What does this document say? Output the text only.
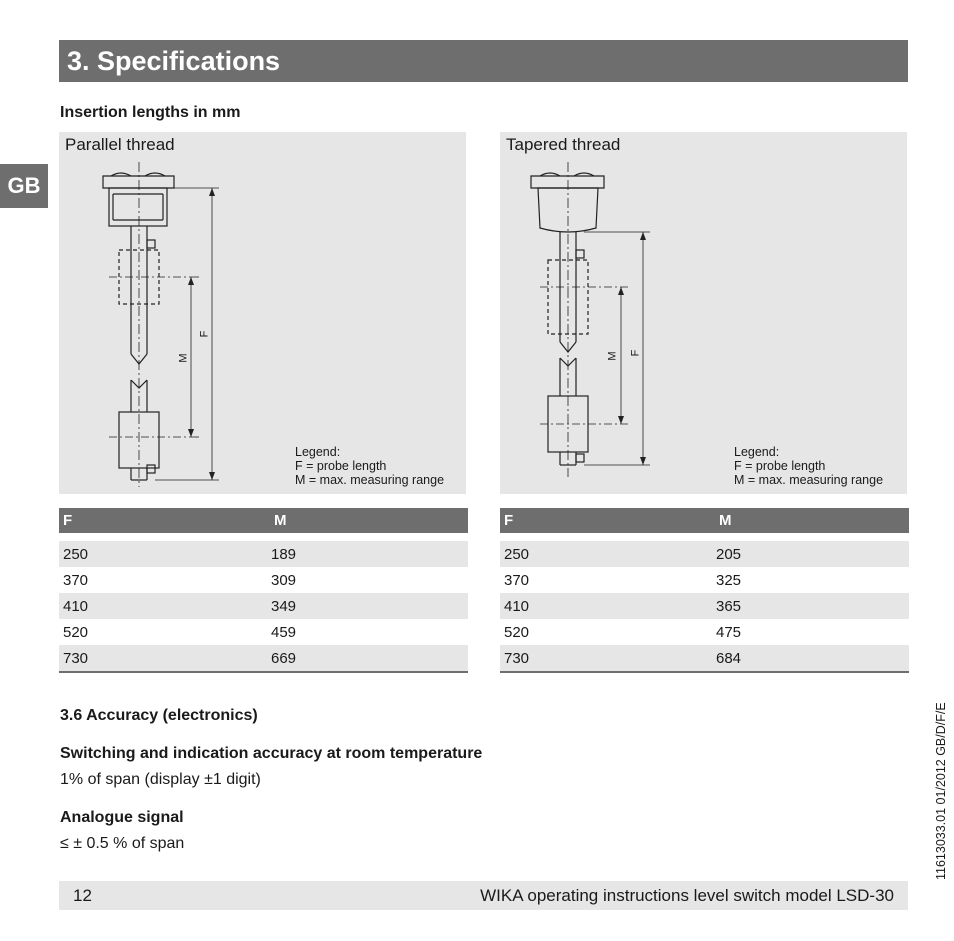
3. Specifications
GB
Insertion lengths in mm
Parallel thread
F
M
Legend:
F = probe length
M = max. measuring range
Tapered thread
F
M
Legend:
F = probe length
M = max. measuring range
F	M
250	189
370	309
410	349
520	459
730	669
F	M
250	205
370	325
410	365
520	475
730	684
3.6 Accuracy (electronics)
Switching and indication accuracy at room temperature
1% of span (display ±1 digit)
Analogue signal
≤ ± 0.5 % of span
12	WIKA operating instructions level switch model LSD-30
11613033.01 01/2012 GB/D/F/E
